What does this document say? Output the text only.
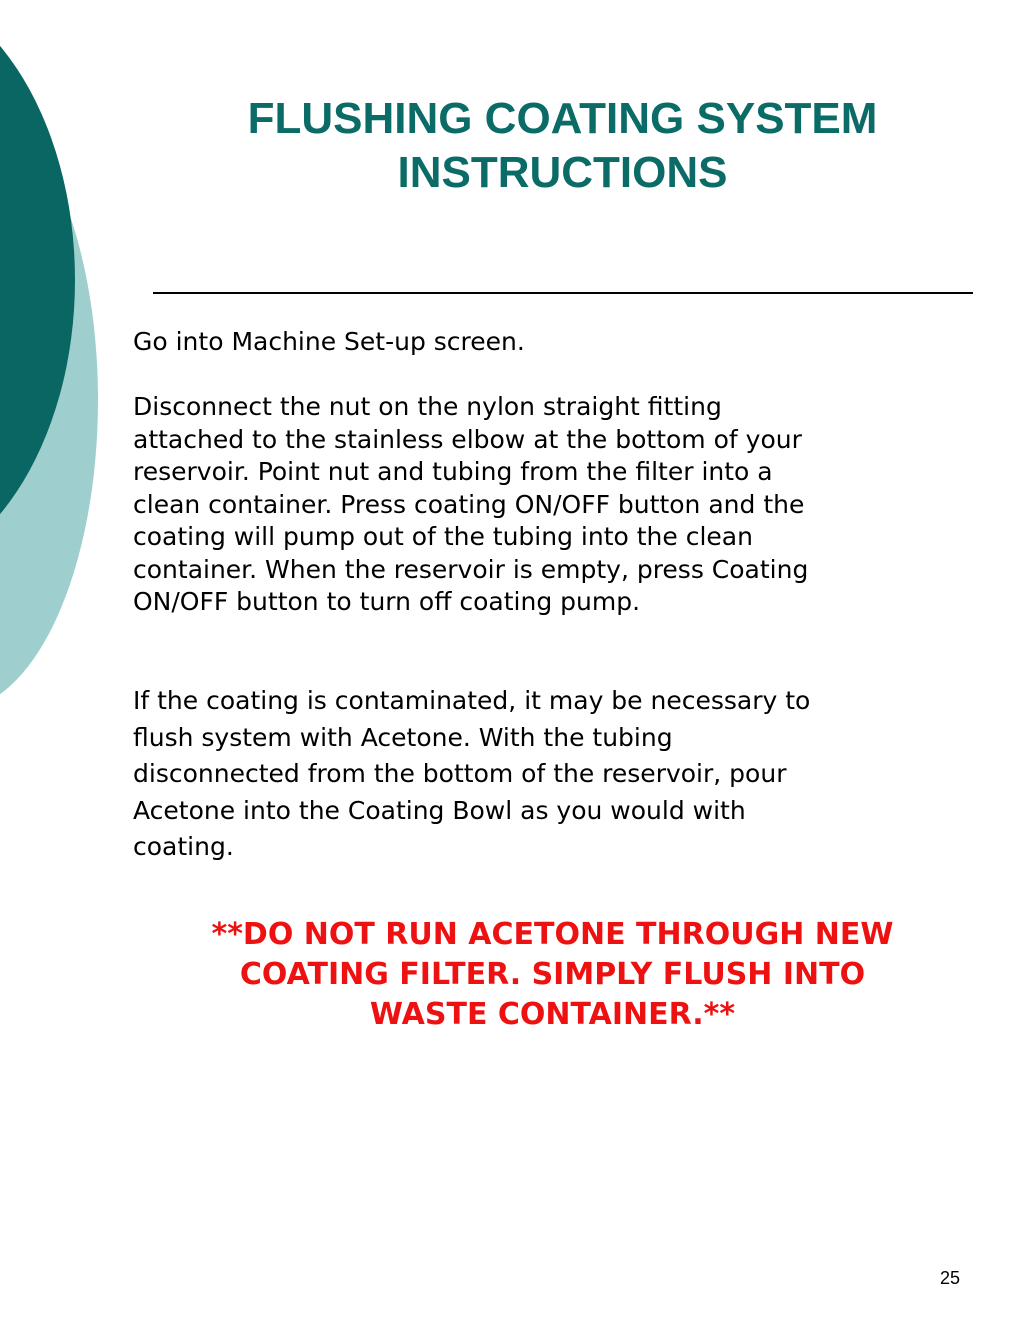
FLUSHING COATING SYSTEM
INSTRUCTIONS

Go into Machine Set-up screen.

Disconnect the nut on the nylon straight fitting
attached to the stainless elbow at the bottom of your
reservoir. Point nut and tubing from the filter into a
clean container. Press coating ON/OFF button and the
coating will pump out of the tubing into the clean
container. When the reservoir is empty, press Coating
ON/OFF button to turn off coating pump.

If the coating is contaminated, it may be necessary to
flush system with Acetone. With the tubing
disconnected from the bottom of the reservoir, pour
Acetone into the Coating Bowl as you would with
coating.

**DO NOT RUN ACETONE THROUGH NEW
COATING FILTER. SIMPLY FLUSH INTO
WASTE CONTAINER.**

25
